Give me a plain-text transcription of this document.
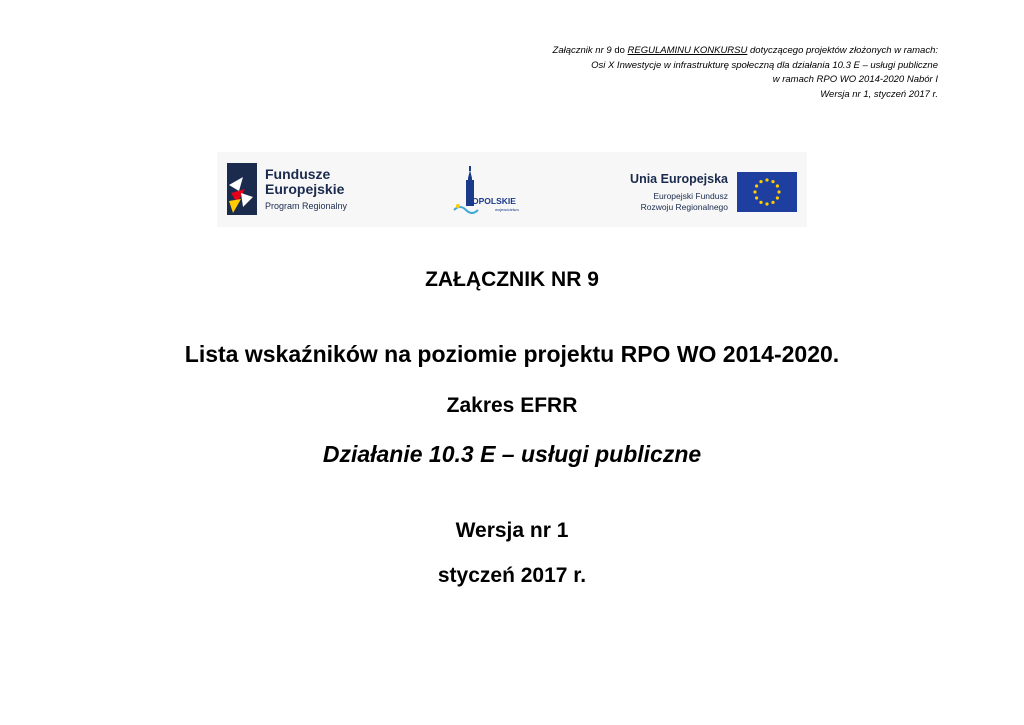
Załącznik nr 9 do REGULAMINU KONKURSU dotyczącego projektów złożonych w ramach:
Osi X Inwestycje w infrastrukturę społeczną dla działania 10.3 E – usługi publiczne
w ramach RPO WO 2014-2020 Nabór I
Wersja nr 1, styczeń 2017 r.
Fundusze
Europejskie
Program Regionalny	OPOLSKIE
województwo
Unia Europejska
Europejski Fundusz
Rozwoju Regionalnego
ZAŁĄCZNIK NR 9
Lista wskaźników na poziomie projektu RPO WO 2014-2020.
Zakres EFRR
Działanie 10.3 E – usługi publiczne
Wersja nr 1
styczeń 2017 r.
